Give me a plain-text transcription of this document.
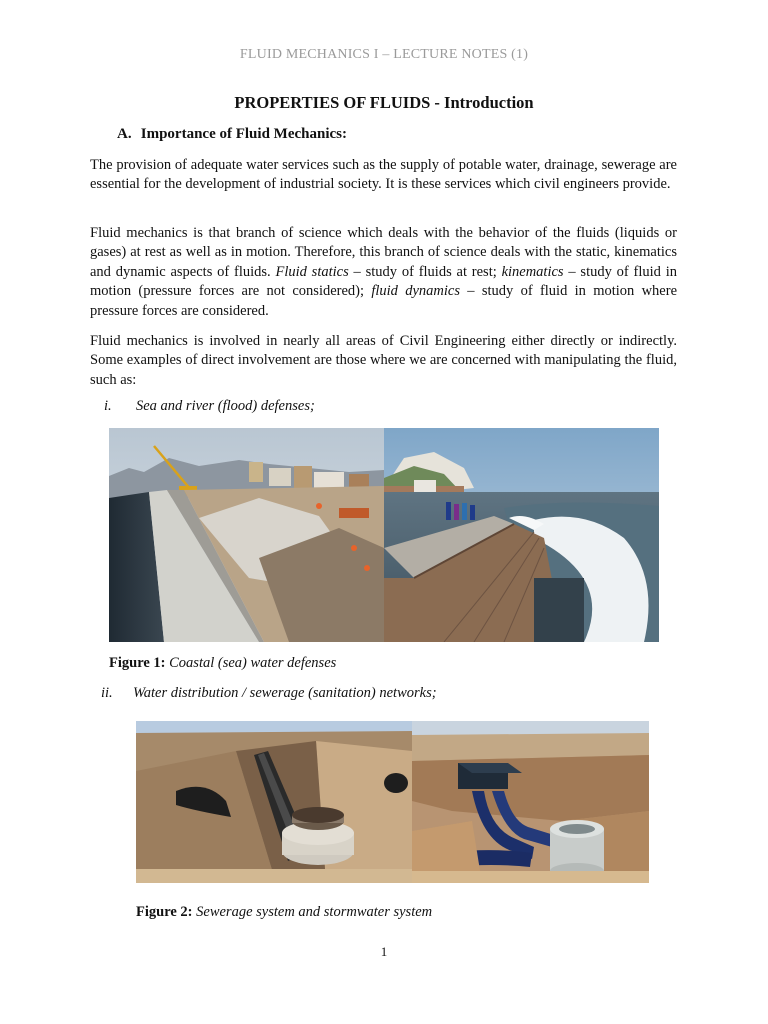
FLUID MECHANICS I – LECTURE NOTES (1)
PROPERTIES OF FLUIDS - Introduction
A. Importance of Fluid Mechanics:
The provision of adequate water services such as the supply of potable water, drainage, sewerage are essential for the development of industrial society. It is these services which civil engineers provide.
Fluid mechanics is that branch of science which deals with the behavior of the fluids (liquids or gases) at rest as well as in motion. Therefore, this branch of science deals with the static, kinematics and dynamic aspects of fluids. Fluid statics – study of fluids at rest; kinematics – study of fluid in motion (pressure forces are not considered); fluid dynamics – study of fluid in motion where pressure forces are considered.
Fluid mechanics is involved in nearly all areas of Civil Engineering either directly or indirectly. Some examples of direct involvement are those where we are concerned with manipulating the fluid, such as:
i. Sea and river (flood) defenses;
Figure 1: Coastal (sea) water defenses
ii. Water distribution / sewerage (sanitation) networks;
Figure 2: Sewerage system and stormwater system
1
